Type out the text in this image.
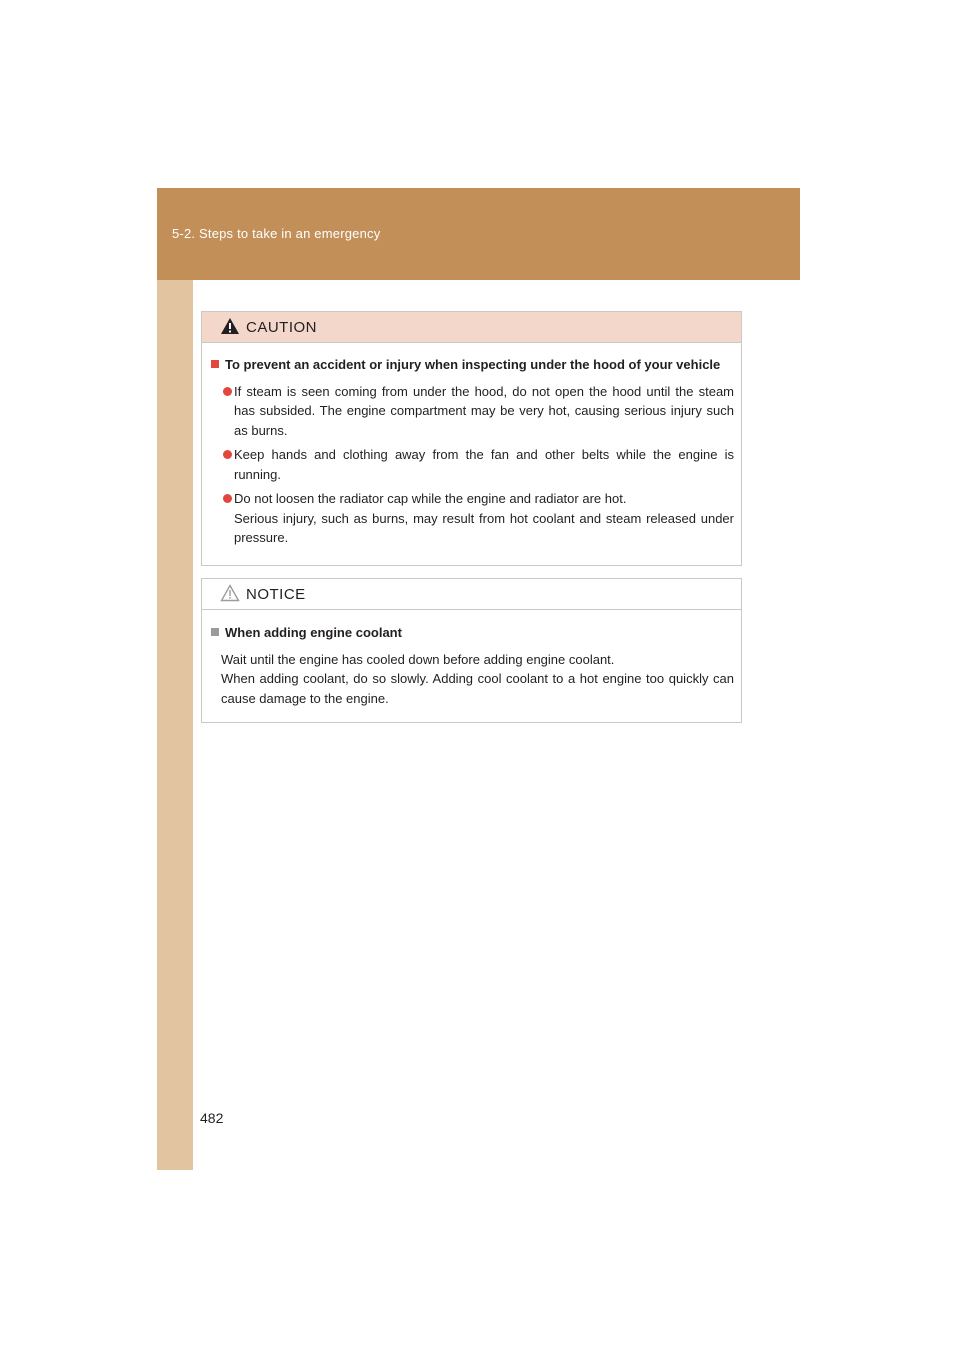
5-2. Steps to take in an emergency
CAUTION
To prevent an accident or injury when inspecting under the hood of your vehicle
If steam is seen coming from under the hood, do not open the hood until the steam has subsided. The engine compartment may be very hot, causing serious injury such as burns.
Keep hands and clothing away from the fan and other belts while the engine is running.
Do not loosen the radiator cap while the engine and radiator are hot.
Serious injury, such as burns, may result from hot coolant and steam released under pressure.
NOTICE
When adding engine coolant
Wait until the engine has cooled down before adding engine coolant.
When adding coolant, do so slowly. Adding cool coolant to a hot engine too quickly can cause damage to the engine.
482
